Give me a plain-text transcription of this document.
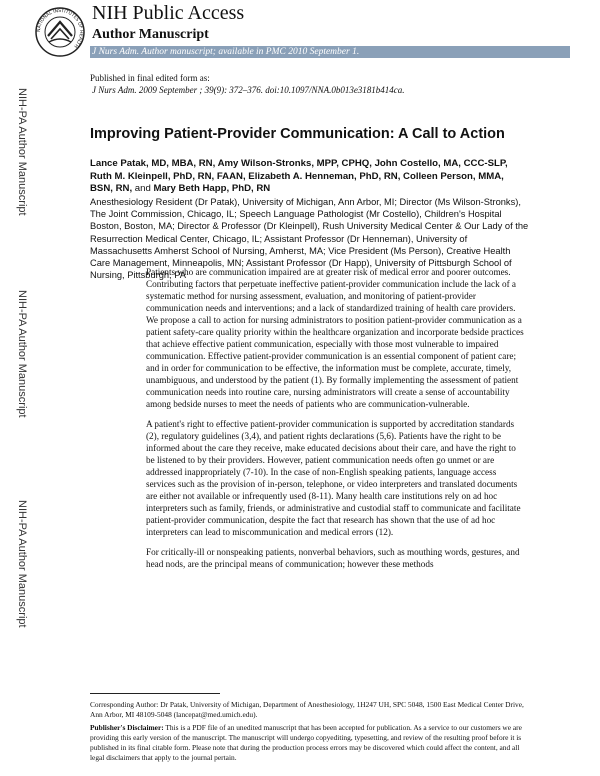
NATIONAL INSTITUTES OF HEALTH
NIH Public Access
Author Manuscript
J Nurs Adm. Author manuscript; available in PMC 2010 September 1.
Published in final edited form as:
J Nurs Adm. 2009 September ; 39(9): 372–376. doi:10.1097/NNA.0b013e3181b414ca.
NIH-PA Author Manuscript
NIH-PA Author Manuscript
NIH-PA Author Manuscript
Improving Patient-Provider Communication: A Call to Action
Lance Patak, MD, MBA, RN, Amy Wilson-Stronks, MPP, CPHQ, John Costello, MA, CCC-SLP, Ruth M. Kleinpell, PhD, RN, FAAN, Elizabeth A. Henneman, PhD, RN, Colleen Person, MMA, BSN, RN, and Mary Beth Happ, PhD, RN
Anesthesiology Resident (Dr Patak), University of Michigan, Ann Arbor, MI; Director (Ms Wilson-Stronks), The Joint Commission, Chicago, IL; Speech Language Pathologist (Mr Costello), Children's Hospital Boston, Boston, MA; Director & Professor (Dr Kleinpell), Rush University Medical Center & Our Lady of the Resurrection Medical Center, Chicago, IL; Assistant Professor (Dr Henneman), University of Massachusetts Amherst School of Nursing, Amherst, MA; Vice President (Ms Person), Creative Health Care Management, Minneapolis, MN; Assistant Professor (Dr Happ), University of Pittsburgh School of Nursing, Pittsburgh, PA

Patients who are communication impaired are at greater risk of medical error and poorer outcomes. Contributing factors that perpetuate ineffective patient-provider communication include the lack of a systematic method for nursing assessment, evaluation, and monitoring of patient-provider communication needs and interventions; and a lack of standardized training of health care providers. We propose a call to action for nursing administrators to position patient-provider communication as a patient safety-care quality priority within the healthcare organization and incorporate bedside practices that achieve effective patient communication, especially with those most vulnerable to impaired communication. Effective patient-provider communication is an essential component of patient care; and in order for communication to be effective, the information must be complete, accurate, timely, unambiguous, and understood by the patient (1). By formally implementing the assessment of patient communication needs into routine care, nursing administrators will create a sense of accountability among bedside nurses to meet the needs of patients who are communication-vulnerable.

A patient's right to effective patient-provider communication is supported by accreditation standards (2), regulatory guidelines (3,4), and patient rights declarations (5,6). Patients have the right to be informed about the care they receive, make educated decisions about their care, and have the right to be listened to by their providers. However, patient communication needs often go unmet or are addressed inappropriately (7-10). In the case of non-English speaking patients, language access services such as the provision of in-person, telephone, or video interpreters and translated documents are either not available or infrequently used (8-11). Many health care institutions rely on ad hoc interpreters such as family, friends, or administrative and custodial staff to communicate and facilitate patient-provider communication, despite the fact that research has shown that the use of ad hoc interpreters can lead to miscommunication and medical errors (12).

For critically-ill or nonspeaking patients, nonverbal behaviors, such as mouthing words, gestures, and head nods, are the principal means of communication; however these methods

Corresponding Author: Dr Patak, University of Michigan, Department of Anesthesiology, 1H247 UH, SPC 5048, 1500 East Medical Center Drive, Ann Arbor, MI 48109-5048 (lancepat@med.umich.edu).

Publisher's Disclaimer: This is a PDF file of an unedited manuscript that has been accepted for publication. As a service to our customers we are providing this early version of the manuscript. The manuscript will undergo copyediting, typesetting, and review of the resulting proof before it is published in its final citable form. Please note that during the production process errors may be discovered which could affect the content, and all legal disclaimers that apply to the journal pertain.
